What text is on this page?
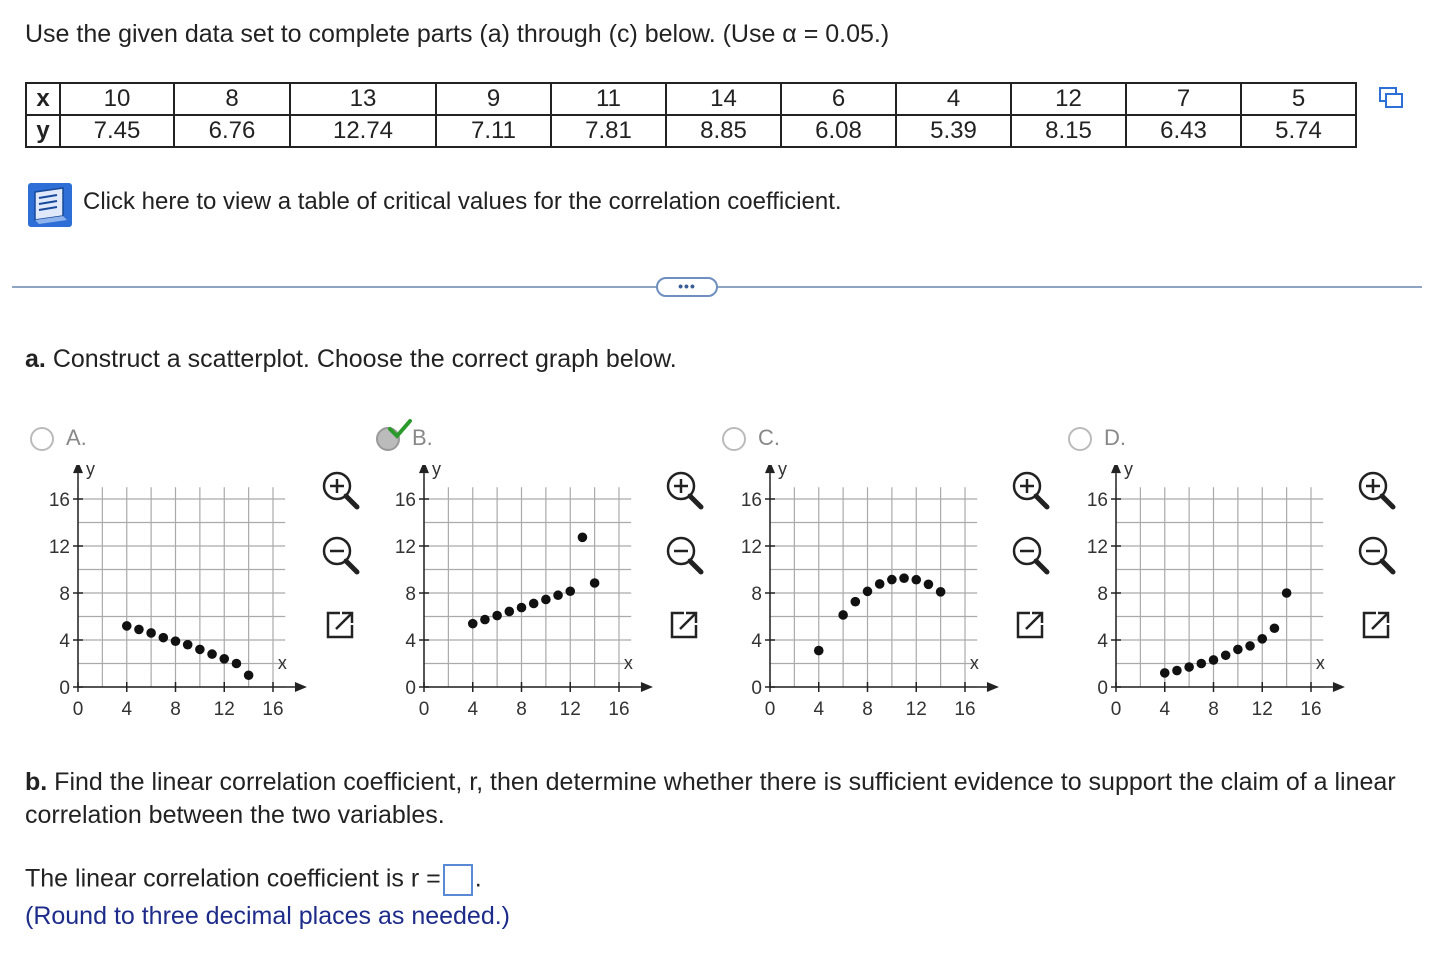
Use the given data set to complete parts (a) through (c) below. (Use α = 0.05.)
x	10	8	13	9	11	14	6	4	12	7	5
y	7.45	6.76	12.74	7.11	7.81	8.85	6.08	5.39	8.15	6.43	5.74
Click here to view a table of critical values for the correlation coefficient.
•••
a. Construct a scatterplot. Choose the correct graph below.
A.
0 4 8 12 16
0
4
8
12
16
y
x
B.
0 4 8 12 16
0
4
8
12
16
y
x
C.
0 4 8 12 16
0
4
8
12
16
y
x
D.
0 4 8 12 16
0
4
8
12
16
y
x
b. Find the linear correlation coefficient, r, then determine whether there is sufficient evidence to support the claim of a linear correlation between the two variables.
The linear correlation coefficient is r = .
(Round to three decimal places as needed.)
